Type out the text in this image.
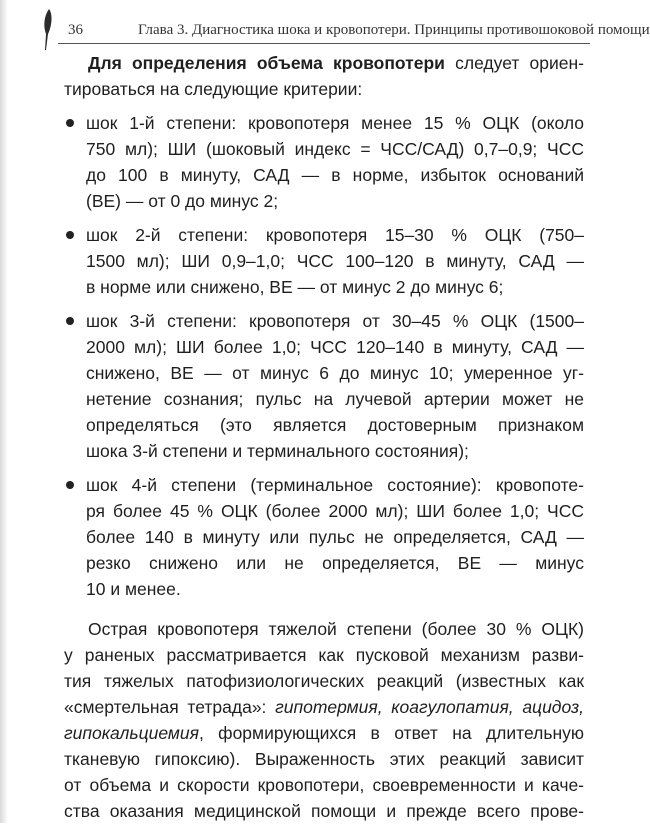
36	Глава 3. Диагностика шока и кровопотери. Принципы противошоковой помощи
Для определения объема кровопотери следует ориен-
тироваться на следующие критерии:
шок 1-й степени: кровопотеря менее 15 % ОЦК (около
750 мл); ШИ (шоковый индекс = ЧСС/САД) 0,7–0,9; ЧСС
до 100 в минуту, САД — в норме, избыток оснований
(ВЕ) — от 0 до минус 2;
шок 2-й степени: кровопотеря 15–30 % ОЦК (750–
1500 мл); ШИ 0,9–1,0; ЧСС 100–120 в минуту, САД —
в норме или снижено, ВЕ — от минус 2 до минус 6;
шок 3-й степени: кровопотеря от 30–45 % ОЦК (1500–
2000 мл); ШИ более 1,0; ЧСС 120–140 в минуту, САД —
снижено, ВЕ — от минус 6 до минус 10; умеренное уг-
нетение сознания; пульс на лучевой артерии может не
определяться (это является достоверным признаком
шока 3-й степени и терминального состояния);
шок 4-й степени (терминальное состояние): кровопоте-
ря более 45 % ОЦК (более 2000 мл); ШИ более 1,0; ЧСС
более 140 в минуту или пульс не определяется, САД —
резко снижено или не определяется, ВЕ — минус
10 и менее.
Острая кровопотеря тяжелой степени (более 30 % ОЦК)
у раненых рассматривается как пусковой механизм разви-
тия тяжелых патофизиологических реакций (известных как
«смертельная тетрада»: гипотермия, коагулопатия, ацидоз,
гипокальциемия, формирующихся в ответ на длительную
тканевую гипоксию). Выраженность этих реакций зависит
от объема и скорости кровопотери, своевременности и каче-
ства оказания медицинской помощи и прежде всего прове-
